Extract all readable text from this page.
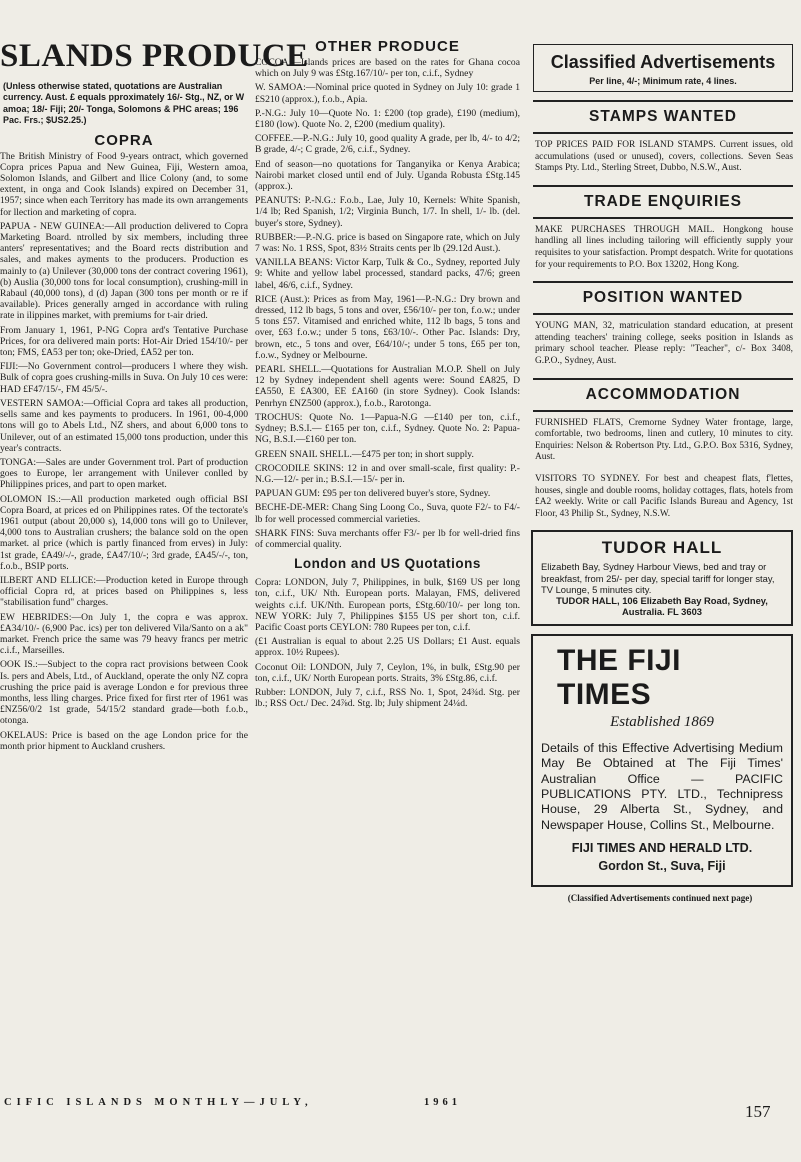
SLANDS PRODUCE
(Unless otherwise stated, quotations are Australian currency. Aust. £ equals pproximately 16/- Stg., NZ, or W amoa; 18/- Fiji; 20/- Tonga, Solomons & PHC areas; 196 Pac. Frs.; $US2.25.)
COPRA

The British Ministry of Food 9-years ontract, which governed Copra prices Papua and New Guinea, Fiji, Western amoa, Solomon Islands, and Gilbert and llice Colony (and, to some extent, in onga and Cook Islands) expired on December 31, 1957; since when each Territory has made its own arrangements for llection and marketing of copra.

PAPUA - NEW GUINEA:—All production delivered to Copra Marketing Board. ntrolled by six members, including three anters' representatives; and the Board rects distribution and sales, and makes ayments to the producers. Production es mainly to (a) Unilever (30,000 tons der contract covering 1961), (b) Auslia (30,000 tons for local consumption), crushing-mill in Rabaul (40,000 tons), d (d) Japan (300 tons per month or re if available). Prices generally arnged in accordance with ruling rate in ilippines market, with premiums for t-air dried.

From January 1, 1961, P-NG Copra ard's Tentative Purchase Prices, for ora delivered main ports: Hot-Air Dried 154/10/- per ton; FMS, £A53 per ton; oke-Dried, £A52 per ton.

FIJI:—No Government control—producers l where they wish. Bulk of copra goes crushing-mills in Suva. On July 10 ces were: HAD £F47/15/-, FM 45/5/-.

VESTERN SAMOA:—Official Copra ard takes all production, sells same and kes payments to producers. In 1961, 00-4,000 tons will go to Abels Ltd., NZ shers, and about 6,000 tons to Unilever, out of an estimated 15,000 tons production, under this year's contracts.

TONGA:—Sales are under Government trol. Part of production goes to Europe, ler arrangement with Unilever conlled by Philippines prices, and part to open market.

OLOMON IS.:—All production marketed ough official BSI Copra Board, at prices ed on Philippines rates. Of the tectorate's 1961 output (about 20,000 s), 14,000 tons will go to Unilever, 4,000 tons to Australian crushers; the balance sold on the open market. al price (which is partly financed from erves) in July: 1st grade, £A49/-/-, grade, £A47/10/-; 3rd grade, £A45/-/-, ton, f.o.b., BSIP ports.

ILBERT AND ELLICE:—Production keted in Europe through official Copra rd, at prices based on Philippines s, less "stabilisation fund" charges.

EW HEBRIDES:—On July 1, the copra e was approx. £A34/10/- (6,900 Pac. ics) per ton delivered Vila/Santo on a ak" market. French price the same was 79 heavy francs per metric c.i.f., Marseilles.

OOK IS.:—Subject to the copra ract provisions between Cook Is. pers and Abels, Ltd., of Auckland, operate the only NZ copra crushing the price paid is average London e for previous three months, less lling charges. Price fixed for first rter of 1961 was £NZ56/0/2 1st grade, 54/15/2 standard grade—both f.o.b., otonga.

OKELAUS: Price is based on the age London price for the month prior hipment to Auckland crushers.

OTHER PRODUCE

COCOA:—Islands prices are based on the rates for Ghana cocoa which on July 9 was £Stg.167/10/- per ton, c.i.f., Sydney

W. SAMOA:—Nominal price quoted in Sydney on July 10: grade 1 £S210 (approx.), f.o.b., Apia.

P.-N.G.: July 10—Quote No. 1: £200 (top grade), £190 (medium), £180 (low). Quote No. 2, £200 (medium quality).

COFFEE.—P.-N.G.: July 10, good quality A grade, per lb, 4/- to 4/2; B grade, 4/-; C grade, 2/6, c.i.f., Sydney.

End of season—no quotations for Tanganyika or Kenya Arabica; Nairobi market closed until end of July. Uganda Robusta £Stg.145 (approx.).

PEANUTS: P.-N.G.: F.o.b., Lae, July 10, Kernels: White Spanish, 1/4 lb; Red Spanish, 1/2; Virginia Bunch, 1/7. In shell, 1/- lb. (del. buyer's store, Sydney).

RUBBER:—P.-N.G. price is based on Singapore rate, which on July 7 was: No. 1 RSS, Spot, 83½ Straits cents per lb (29.12d Aust.).

VANILLA BEANS: Victor Karp, Tulk & Co., Sydney, reported July 9: White and yellow label processed, standard packs, 47/6; green label, 46/6, c.i.f., Sydney.

RICE (Aust.): Prices as from May, 1961—P.-N.G.: Dry brown and dressed, 112 lb bags, 5 tons and over, £56/10/- per ton, f.o.w.; under 5 tons £57. Vitamised and enriched white, 112 lb bags, 5 tons and over, £63 f.o.w.; under 5 tons, £63/10/-. Other Pac. Islands: Dry, brown, etc., 5 tons and over, £64/10/-; under 5 tons, £65 per ton, f.o.w., Sydney or Melbourne.

PEARL SHELL.—Quotations for Australian M.O.P. Shell on July 12 by Sydney independent shell agents were: Sound £A825, D £A550, E £A300, EE £A160 (in store Sydney). Cook Islands: Penrhyn £NZ500 (approx.), f.o.b., Rarotonga.

TROCHUS: Quote No. 1—Papua-N.G —£140 per ton, c.i.f., Sydney; B.S.I.— £165 per ton, c.i.f., Sydney. Quote No. 2: Papua-NG, B.S.I.—£160 per ton.

GREEN SNAIL SHELL.—£475 per ton; in short supply.

CROCODILE SKINS: 12 in and over small-scale, first quality: P.-N.G.—12/- per in.; B.S.I.—15/- per in.

PAPUAN GUM: £95 per ton delivered buyer's store, Sydney.

BECHE-DE-MER: Chang Sing Loong Co., Suva, quote F2/- to F4/- lb for well processed commercial varieties.

SHARK FINS: Suva merchants offer F3/- per lb for well-dried fins of commercial quality.

London and US Quotations

Copra: LONDON, July 7, Philippines, in bulk, $169 US per long ton, c.i.f., UK/ Nth. European ports. Malayan, FMS, delivered weights c.i.f. UK/Nth. European ports, £Stg.60/10/- per long ton. NEW YORK: July 7, Philippines $155 US per short ton, c.i.f. Pacific Coast ports CEYLON: 780 Rupees per ton, c.i.f.

(£1 Australian is equal to about 2.25 US Dollars; £1 Aust. equals approx. 10½ Rupees).

Coconut Oil: LONDON, July 7, Ceylon, 1%, in bulk, £Stg.90 per ton, c.i.f., UK/ North European ports. Straits, 3% £Stg.86, c.i.f.

Rubber: LONDON, July 7, c.i.f., RSS No. 1, Spot, 24¾d. Stg. per lb.; RSS Oct./ Dec. 24⅞d. Stg. lb; July shipment 24¼d.

Classified Advertisements
Per line, 4/-; Minimum rate, 4 lines.
STAMPS WANTED
TOP PRICES PAID FOR ISLAND STAMPS. Current issues, old accumulations (used or unused), covers, collections. Seven Seas Stamps Pty. Ltd., Sterling Street, Dubbo, N.S.W., Aust.
TRADE ENQUIRIES
MAKE PURCHASES THROUGH MAIL. Hongkong house handling all lines including tailoring will efficiently supply your requisites to your satisfaction. Prompt despatch. Write for quotations for your requirements to P.O. Box 13202, Hong Kong.
POSITION WANTED
YOUNG MAN, 32, matriculation standard education, at present attending teachers' training college, seeks position in Islands as primary school teacher. Please reply: "Teacher", c/- Box 3408, G.P.O., Sydney, Aust.
ACCOMMODATION
FURNISHED FLATS, Cremorne Sydney Water frontage, large, comfortable, two bedrooms, linen and cutlery, 10 minutes to city. Enquiries: Nelson & Robertson Pty. Ltd., G.P.O. Box 5316, Sydney, Aust.
VISITORS TO SYDNEY. For best and cheapest flats, f'lettes, houses, single and double rooms, holiday cottages, flats, hotels from £A2 weekly. Write or call Pacific Islands Bureau and Agency, 1st Floor, 43 Philip St., Sydney, N.S.W.
TUDOR HALL
Elizabeth Bay, Sydney Harbour Views, bed and tray or breakfast, from 25/- per day, special tariff for longer stay, TV Lounge, 5 minutes city.
TUDOR HALL, 106 Elizabeth Bay Road, Sydney, Australia. FL 3603
THE FIJI TIMES
Established 1869
Details of this Effective Advertising Medium May Be Obtained at The Fiji Times' Australian Office — PACIFIC PUBLICATIONS PTY. LTD., Technipress House, 29 Alberta St., Sydney, and Newspaper House, Collins St., Melbourne.
FIJI TIMES AND HERALD LTD.
Gordon St., Suva, Fiji
(Classified Advertisements continued next page)
CIFIC ISLANDS MONTHLY—JULY,	1961	157
